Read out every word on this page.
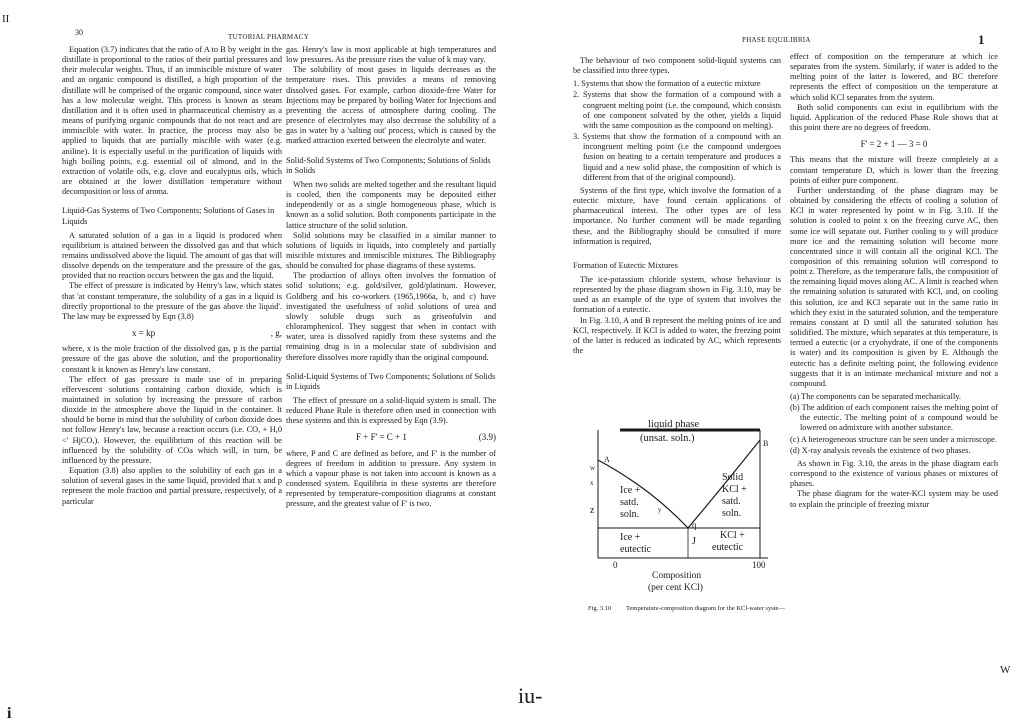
II
i
iu-
W
30	TUTORIAL PHARMACY	PHASE EQUILIBRIA	1

Equation (3.7) indicates that the ratio of A to B by weight in the distillate is proportional to the ratios of their partial pressures and their molecular weights. Thus, if an immiscible mixture of water and an organic compound is distilled, a high proportion of the distillate will be comprised of the organic compound, since water has a low molecular weight. This process is known as steam distillation and it is often used in pharmaceutical chemistry as a means of purifying organic compounds that do not react and are immiscible with water. In practice, the process may also be applied to liquids that are partially miscible with water (e.g. aniline). It is especially useful in the purification of liquids with high boiling points, e.g. essential oil of almond, and in the extraction of volatile oils, e.g. clove and eucalyptus oils, which are obtained at the lower distillation temperature without decomposition or loss of aroma.

Liquid-Gas Systems of Two Components; Solutions of Gases in Liquids

A saturated solution of a gas in a liquid is produced when equilibrium is attained between the dissolved gas and that which remains undissolved above the liquid. The amount of gas that will dissolve depends on the temperature and the pressure of the gas, provided that no reaction occurs between the gas and the liquid.

The effect of pressure is indicated by Henry's law, which states that 'at constant temperature, the solubility of a gas in a liquid is directly proportional to the pressure of the gas above the liquid'. The law may be expressed by Eqn (3.8)

x = kp	, g,

where, x is the mole fraction of the dissolved gas, p is the partial pressure of the gas above the solution, and the proportionality constant k is known as Henry's law constant.

The effect of gas pressure is made use of in preparing effervescent solutions containing carbon dioxide, which is maintained in solution by increasing the pressure of carbon dioxide in the atmosphere above the liquid in the container. It should be borne in mind that the solubility of carbon dioxide does not follow Henry's law, because a reaction occurs (i.e. CO, + H,0 <' HjCO,). However, the equilibrium of this reaction will be influenced by the solubility of COa which will, in turn, be influenced by the pressure.

Equation (3.8) also applies to the solubility of each gas in a solution of several gases in the same liquid, provided that x and p represent the mole fraction and partial pressure, respectively, of a particular

gas. Henry's law is most applicable at high temperatures and low pressures. As the pressure rises the value of k may vary.

The solubility of most gases in liquids decreases as the temperature rises. This provides a means of removing dissolved gases. For example, carbon dioxide-free Water for Injections may be prepared by boiling Water for Injections and preventing the access of atmosphere during cooling. The presence of electrolytes may also decrease the solubility of a gas in water by a 'salting out' process, which is caused by the marked attraction exerted between the electrolyte and water.

Solid-Solid Systems of Two Components; Solutions of Solids in Solids

When two solids are melted together and the resultant liquid is cooled, then the components may be deposited either independently or as a single homogeneous phase, which is known as a solid solution. Both components participate in the lattice structure of the solid solution.

Solid solutions may be classified in a similar manner to solutions of liquids in liquids, into completely and partially miscible mixtures and immiscible mixtures. The Bibliography should be consulted for phase diagrams of these systems.

The production of alloys often involves the formation of solid solutions; e.g. gold/silver, gold/platinum. However, Goldberg and his co-workers (1965,1966a, b, and c) have investigated the usefulness of solid solutions of urea and slowly soluble drugs such as griseofulvin and chloramphenicol. They suggest that when in contact with water, urea is dissolved rapidly from these systems and the remaining drug is in a molecular state of subdivision and therefore dissolves more rapidly than the original compound.

Solid-Liquid Systems of Two Components; Solutions of Solids in Liquids

The effect of pressure on a solid-liquid system is small. The reduced Phase Rule is therefore often used in connection with these systems and this is expressed by Eqn (3.9).

F + F' = C + 1	(3.9)

where, P and C are defined as before, and F' is the number of degrees of freedom in addition to pressure. Any system in which a vapour phase is not taken into account is known as a condensed system. Equilibria in these systems are therefore represented by temperature-composition diagrams at constant pressure, and the greatest value of F' is two.

The behaviour of two component solid-liquid systems can be classified into three types.

1. Systems that show the formation of a eutectic mixture
2. Systems that show the formation of a compound with a congruent melting point (i.e. the compound, which consists of one component solvated by the other, yields a liquid with the same composition as the compound on melting).
3. Systems that show the formation of a compound with an incongruent melting point (i.e the compound undergoes fusion on heating to a certain temperature and produces a liquid and a new solid phase, the composition of which is different from that of the original compound).

Systems of the first type, which involve the formation of a eutectic mixture, have found certain applications of pharmaceutical interest. The other types are of less importance. No further comment will be made regarding these, and the Bibliography should be consulted if more information is required,

Formation of Eutectic Mixtures

The ice-potassium chloride system, whose behaviour is represented by the phase diagram shown in Fig. 3.10, may be used as an example of the type of system that involves the formation of a eutectic.

In Fig. 3.10, A and B represent the melting points of ice and KCl, respectively. If KCl is added to water, the freezing point of the latter is reduced as indicated by AC, which represents the

effect of composition on the temperature at which ice separates from the system. Similarly, if water is added to the melting point of the latter is lowered, and BC therefore represents the effect of composition on the temperature at which solid KCl separates from the system.

Both solid components can exist in equilibrium with the liquid. Application of the reduced Phase Rule shows that at this point there are no degrees of freedom.

F' = 2 + 1 — 3 = 0

This means that the mixture will freeze completely at a constant temperature D, which is lower than the freezing points of either pure component.

Further understanding of the phase diagram may be obtained by considering the effects of cooling a solution of KCl in water represented by point w in Fig. 3.10. If the solution is cooled to point x on the freezing curve AC, then some ice will separate out. Further cooling to y will produce more ice and the remaining solution will become more concentrated since it will contain all the original KCl. The composition of this remaining solution will correspond to point z. Therefore, as the temperature falls, the composition of the remaining liquid moves along AC. A limit is reached when the remaining solution is saturated with KCl, and, on cooling this solution, ice and KCl separate out in the same ratio in which they exist in the saturated solution, and the temperature remains constant at D until all the saturated solution has solidified. The mixture, which separates at this temperature, is termed a eutectic (or a cryohydrate, if one of the components is water) and its composition is given by E. Although the eutectic has a definite melting point, the following evidence suggests that it is an intimate mechanical mixture and not a compound.

(a) The components can be separated mechanically.
(b) The addition of each component raises the melting point of the eutectic. The melting point of a compound would be lowered on admixture with another substance.
(c) A heterogeneous structure can be seen under a microscope.
(d) X-ray analysis reveals the existence of two phases.

As shown in Fig. 3.10, the areas in the phase diagram each correspond to the existence of various phases or mixtures of phases.

The phase diagram for the water-KCl system may be used to explain the principle of freezing mixtur

A
B
w
x
y
z
q
J
liquid phase
(unsat. soln.)
Ice +
satd.
soln.
Solid
KCl +
satd.
soln.
Ice +
eutectic
KCl +
eutectic
0	100
Composition
(per cent KCl)
Fig. 3.10 Temperature-composition diagram for the KCl-water syste—
